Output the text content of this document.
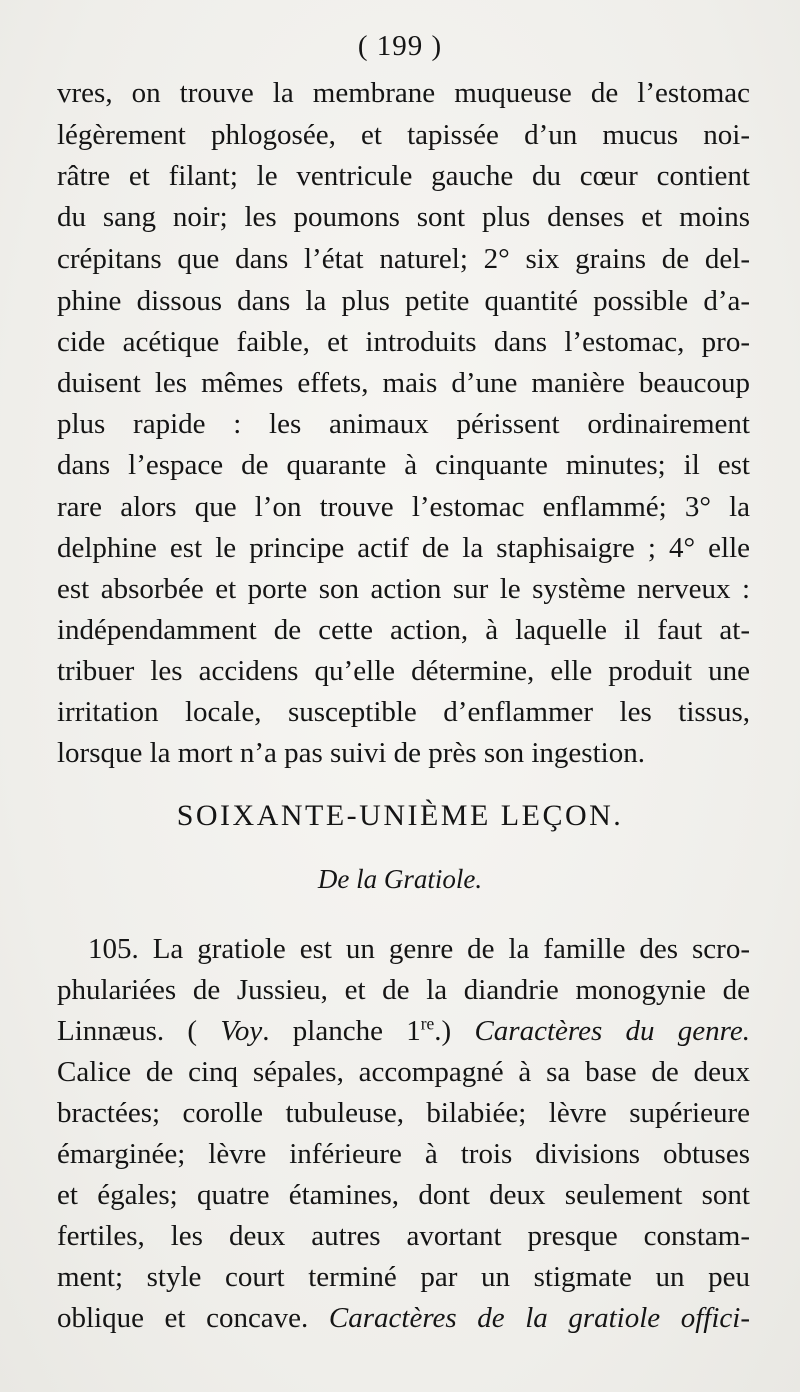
( 199 )
vres, on trouve la membrane muqueuse de l’estomac
légèrement phlogosée, et tapissée d’un mucus noi-
râtre et filant; le ventricule gauche du cœur contient
du sang noir; les poumons sont plus denses et moins
crépitans que dans l’état naturel; 2° six grains de del-
phine dissous dans la plus petite quantité possible d’a-
cide acétique faible, et introduits dans l’estomac, pro-
duisent les mêmes effets, mais d’une manière beaucoup
plus rapide : les animaux périssent ordinairement
dans l’espace de quarante à cinquante minutes; il est
rare alors que l’on trouve l’estomac enflammé; 3° la
delphine est le principe actif de la staphisaigre ; 4° elle
est absorbée et porte son action sur le système nerveux :
indépendamment de cette action, à laquelle il faut at-
tribuer les accidens qu’elle détermine, elle produit une
irritation locale, susceptible d’enflammer les tissus,
lorsque la mort n’a pas suivi de près son ingestion.
SOIXANTE-UNIÈME LEÇON.
De la Gratiole.
105. La gratiole est un genre de la famille des scro-
phulariées de Jussieu, et de la diandrie monogynie de
Linnæus. ( Voy. planche 1re.) Caractères du genre.
Calice de cinq sépales, accompagné à sa base de deux
bractées; corolle tubuleuse, bilabiée; lèvre supérieure
émarginée; lèvre inférieure à trois divisions obtuses
et égales; quatre étamines, dont deux seulement sont
fertiles, les deux autres avortant presque constam-
ment; style court terminé par un stigmate un peu
oblique et concave. Caractères de la gratiole offici-
